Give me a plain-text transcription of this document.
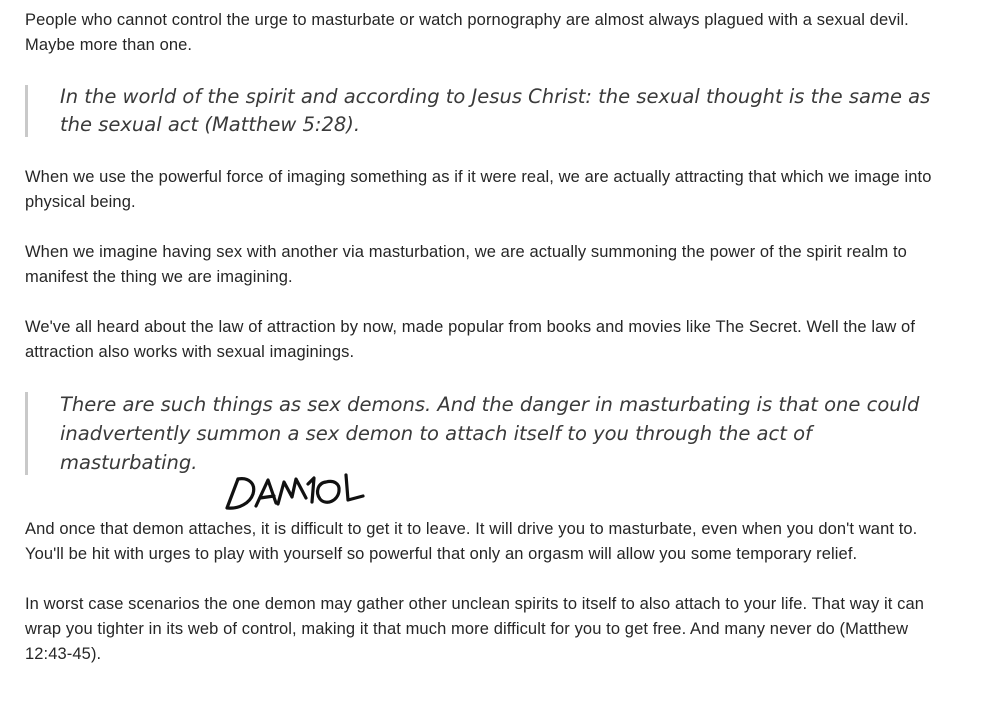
People who cannot control the urge to masturbate or watch pornography are almost always plagued with a sexual devil. Maybe more than one.

In the world of the spirit and according to Jesus Christ: the sexual thought is the same as the sexual act (Matthew 5:28).

When we use the powerful force of imaging something as if it were real, we are actually attracting that which we image into physical being.

When we imagine having sex with another via masturbation, we are actually summoning the power of the spirit realm to manifest the thing we are imagining.

We've all heard about the law of attraction by now, made popular from books and movies like The Secret. Well the law of attraction also works with sexual imaginings.

There are such things as sex demons. And the danger in masturbating is that one could inadvertently summon a sex demon to attach itself to you through the act of masturbating.

And once that demon attaches, it is difficult to get it to leave. It will drive you to masturbate, even when you don't want to. You'll be hit with urges to play with yourself so powerful that only an orgasm will allow you some temporary relief.

In worst case scenarios the one demon may gather other unclean spirits to itself to also attach to your life. That way it can wrap you tighter in its web of control, making it that much more difficult for you to get free. And many never do (Matthew 12:43-45).
